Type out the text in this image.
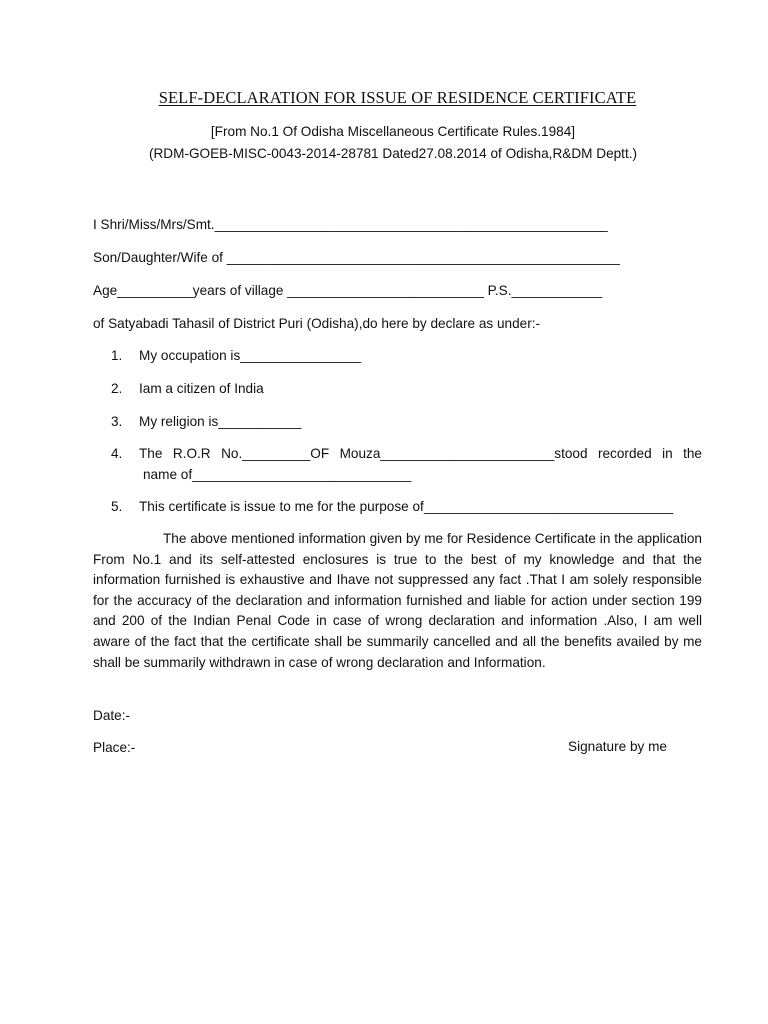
SELF-DECLARATION FOR ISSUE OF RESIDENCE CERTIFICATE
[From No.1 Of Odisha Miscellaneous Certificate Rules.1984]
(RDM-GOEB-MISC-0043-2014-28781 Dated27.08.2014 of Odisha,R&DM Deptt.)
I Shri/Miss/Mrs/Smt.____________________________________________________
Son/Daughter/Wife of ____________________________________________________
Age__________years of village __________________________ P.S.____________
of Satyabadi Tahasil of District Puri (Odisha),do here by declare as under:-
1. My occupation is________________
2. Iam a citizen of India
3. My religion is___________
4. The R.O.R No._________OF Mouza_______________________stood recorded in the
name of_____________________________
5. This certificate is issue to me for the purpose of_________________________________

The above mentioned information given by me for Residence Certificate in the application From No.1 and its self-attested enclosures is true to the best of my knowledge and that the information furnished is exhaustive and Ihave not suppressed any fact .That I am solely responsible for the accuracy of the declaration and information furnished and liable for action under section 199 and 200 of the Indian Penal Code in case of wrong declaration and information .Also, I am well aware of the fact that the certificate shall be summarily cancelled and all the benefits availed by me shall be summarily withdrawn in case of wrong declaration and Information.

Date:-
Place:-	Signature by me
